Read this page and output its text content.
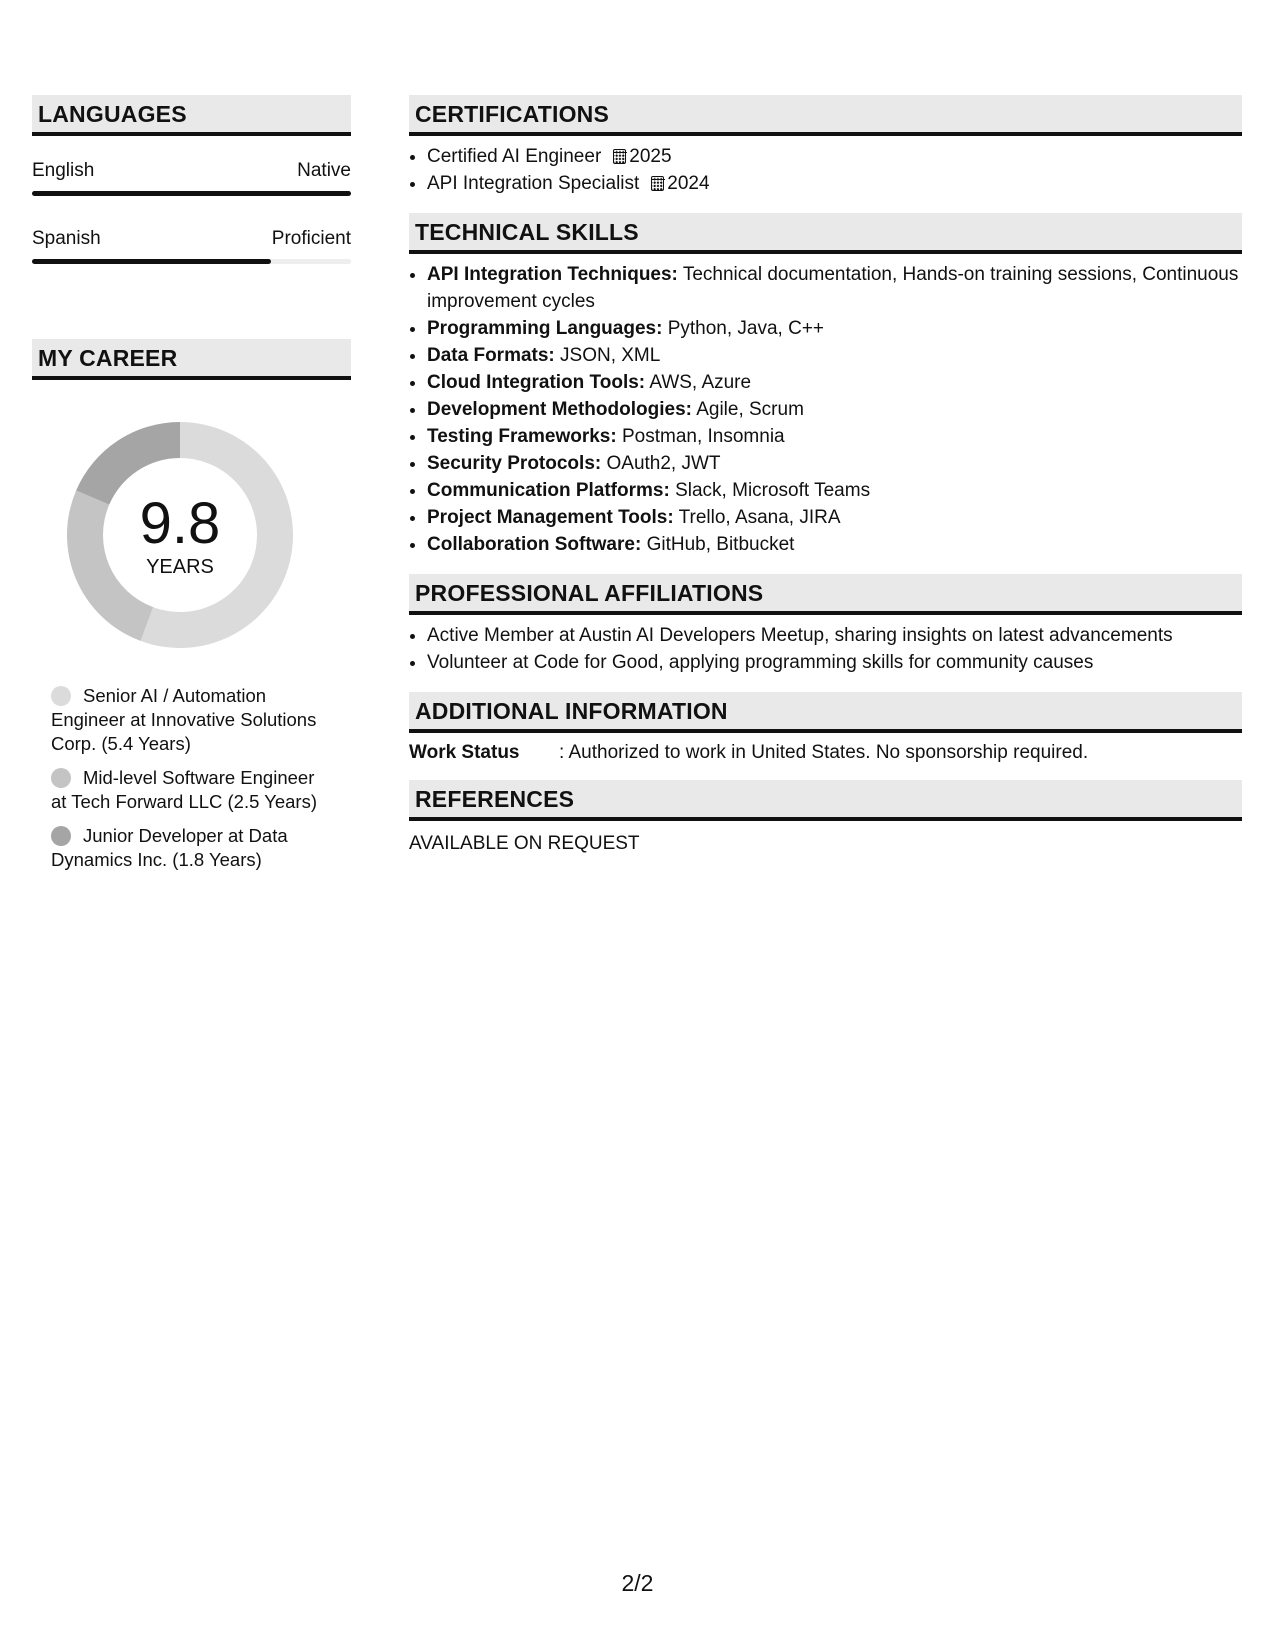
LANGUAGES
English	Native
Spanish	Proficient
MY CAREER
9.8
YEARS
Senior AI / Automation Engineer at Innovative Solutions Corp. (5.4 Years)
Mid-level Software Engineer at Tech Forward LLC (2.5 Years)
Junior Developer at Data Dynamics Inc. (1.8 Years)
CERTIFICATIONS
• Certified AI Engineer 2025
• API Integration Specialist 2024
TECHNICAL SKILLS
• API Integration Techniques: Technical documentation, Hands-on training sessions, Continuous improvement cycles
• Programming Languages: Python, Java, C++
• Data Formats: JSON, XML
• Cloud Integration Tools: AWS, Azure
• Development Methodologies: Agile, Scrum
• Testing Frameworks: Postman, Insomnia
• Security Protocols: OAuth2, JWT
• Communication Platforms: Slack, Microsoft Teams
• Project Management Tools: Trello, Asana, JIRA
• Collaboration Software: GitHub, Bitbucket
PROFESSIONAL AFFILIATIONS
• Active Member at Austin AI Developers Meetup, sharing insights on latest advancements
• Volunteer at Code for Good, applying programming skills for community causes
ADDITIONAL INFORMATION
Work Status	: Authorized to work in United States. No sponsorship required.
REFERENCES
AVAILABLE ON REQUEST
2/2
